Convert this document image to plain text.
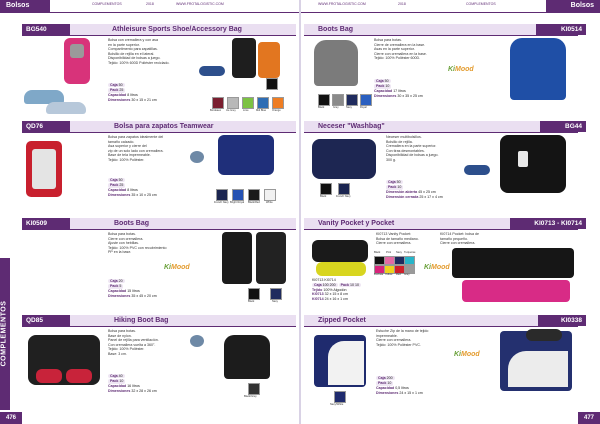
Bolsos	COMPLEMENTOS	2018	WWW.FROTALOGISTIC.COM	Bolsos
WWW.FROTALOGISTIC.COM	2018	COMPLEMENTOS
COMPLEMENTOS
476	477
BG540	Athleisure Sports Shoe/Accessory Bag
Bolsa con cremallera y con asa
en la parte superior.
Compartimento para zapatillas.
Bolsillo de rejilla en el lateral.
Disponibilidad de bolsas a juego.
Tejido: 100% 600D Poliéster reciclado.
Caja 50
Pack 25
Capacidad 8 litros
Dimensiones 30 x 15 x 21 cm
Bordeaux Ice Grey	Lime	Mid Blue Orange
QD76	Bolsa para zapatos Teamwear
Bolsa para zapatos idealmente del
tamaño calzado.
Asa superior y cierre del
zip de un solo lado con cremallera.
Base de tela impermeable.
Tejido: 100% Poliéster.
Caja 50
Pack 25
Capacidad 8 litros
Dimensiones 35 x 10 x 25 cm
French Navy Bright Royal Black/Red White
KI0509	Boots Bag
Bolsa para botas.
Cierre con cremallera.
Ajuste con hebillas.
Tejido: 100% PVC con recubrimiento
PP en la base.
KiMood
Caja 20
Pack 5
Capacidad 15 litros
Dimensiones 35 x 45 x 20 cm
Black	Navy
QD85	Hiking Boot Bag
Bolsa para botas.
Base de nylon.
Panel de rejilla para ventilación.
Con cremallera vuelta a 360°.
Tejido: 100% Poliéster.
Base: 3 cm.
Caja 40
Pack 10
Capacidad 16 litros
Dimensiones 32 x 28 x 26 cm
Black/Grey
Boots Bag	KI0514
Bolsa para botas.
Cierre de cremallera en la base.
Asas en la parte superior.
Cierre con cremallera en la base.
Tejido: 100% Poliéster 600D.
KiMood
Black	Grey	Navy	Royal
Caja 50
Pack 10
Capacidad 17 litros
Dimensiones 30 x 35 x 25 cm
Neceser "Washbag"	BG44
Neceser multibolsillos.
Bolsillo de rejilla.
Cremallera en la parte superior.
Con tiras desmontables.
Disponibilidad de bolsas a juego.
300 g.
Black	French Navy
Caja 50
Pack 10
Dimensión abierta 45 x 25 cm
Dimensión cerrada 25 x 17 x 4 cm
Vanity Pocket y Pocket	KI0713 - KI0714
KI0713 Vanity Pocket:
Bolsa de tamaño mediano.
Cierre con cremallera.
KI0714 Pocket: bolsa de
tamaño pequeño.
Cierre con cremallera.
Black Pink Navy Turquoise
Fuchsia Yellow Red Grey
KiMood
KI0713 KI0714
Caja 100 200 Pack 10 10
Tejido 100% Algodón
KI0713 32 x 15 x 8 cm
KI0714 24 x 16 x 1 cm
Zipped Pocket	KI0338
Estuche Zip de la mano de tejido
impermeable.
Cierre con cremallera.
Tejido: 100% Poliéster PVC.
KiMood
Navy/White
Caja 200
Pack 10
Capacidad 0,5 litros
Dimensiones 24 x 15 x 1 cm
